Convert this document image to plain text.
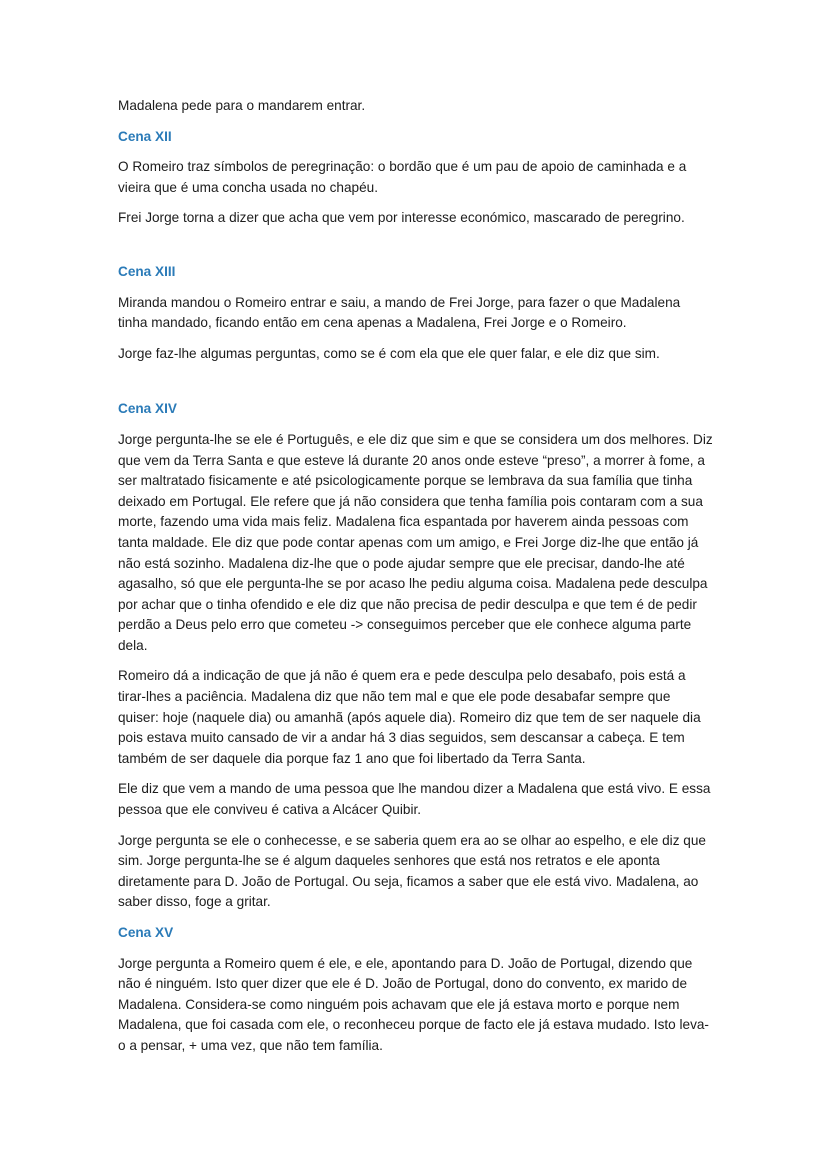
Madalena pede para o mandarem entrar.

Cena XII

O Romeiro traz símbolos de peregrinação: o bordão que é um pau de apoio de caminhada e a vieira que é uma concha usada no chapéu.

Frei Jorge torna a dizer que acha que vem por interesse económico, mascarado de peregrino.

Cena XIII

Miranda mandou o Romeiro entrar e saiu, a mando de Frei Jorge, para fazer o que Madalena tinha mandado, ficando então em cena apenas a Madalena, Frei Jorge e o Romeiro.

Jorge faz-lhe algumas perguntas, como se é com ela que ele quer falar, e ele diz que sim.

Cena XIV

Jorge pergunta-lhe se ele é Português, e ele diz que sim e que se considera um dos melhores. Diz que vem da Terra Santa e que esteve lá durante 20 anos onde esteve “preso”, a morrer à fome, a ser maltratado fisicamente e até psicologicamente porque se lembrava da sua família que tinha deixado em Portugal. Ele refere que já não considera que tenha família pois contaram com a sua morte, fazendo uma vida mais feliz. Madalena fica espantada por haverem ainda pessoas com tanta maldade. Ele diz que pode contar apenas com um amigo, e Frei Jorge diz-lhe que então já não está sozinho. Madalena diz-lhe que o pode ajudar sempre que ele precisar, dando-lhe até agasalho, só que ele pergunta-lhe se por acaso lhe pediu alguma coisa. Madalena pede desculpa por achar que o tinha ofendido e ele diz que não precisa de pedir desculpa e que tem é de pedir perdão a Deus pelo erro que cometeu -> conseguimos perceber que ele conhece alguma parte dela.

Romeiro dá a indicação de que já não é quem era e pede desculpa pelo desabafo, pois está a tirar-lhes a paciência. Madalena diz que não tem mal e que ele pode desabafar sempre que quiser: hoje (naquele dia) ou amanhã (após aquele dia). Romeiro diz que tem de ser naquele dia pois estava muito cansado de vir a andar há 3 dias seguidos, sem descansar a cabeça. E tem também de ser daquele dia porque faz 1 ano que foi libertado da Terra Santa.

Ele diz que vem a mando de uma pessoa que lhe mandou dizer a Madalena que está vivo. E essa pessoa que ele conviveu é cativa a Alcácer Quibir.

Jorge pergunta se ele o conhecesse, e se saberia quem era ao se olhar ao espelho, e ele diz que sim. Jorge pergunta-lhe se é algum daqueles senhores que está nos retratos e ele aponta diretamente para D. João de Portugal. Ou seja, ficamos a saber que ele está vivo. Madalena, ao saber disso, foge a gritar.

Cena XV

Jorge pergunta a Romeiro quem é ele, e ele, apontando para D. João de Portugal, dizendo que não é ninguém. Isto quer dizer que ele é D. João de Portugal, dono do convento, ex marido de Madalena. Considera-se como ninguém pois achavam que ele já estava morto e porque nem Madalena, que foi casada com ele, o reconheceu porque de facto ele já estava mudado. Isto leva-o a pensar, + uma vez, que não tem família.
